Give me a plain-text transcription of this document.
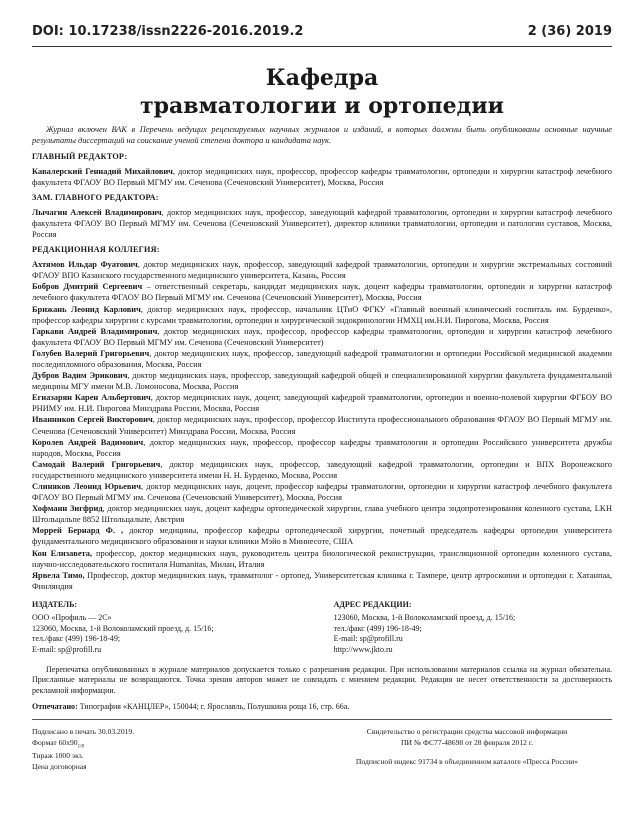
DOI: 10.17238/issn2226-2016.2019.2	2 (36) 2019
Кафедра
травматологии и ортопедии

Журнал включен ВАК в Перечень ведущих рецензируемых научных журналов и изданий, в которых должны быть опубликованы основные научные результаты диссертаций на соискание ученой степени доктора и кандидата наук.

ГЛАВНЫЙ РЕДАКТОР:

Кавалерский Геннадий Михайлович, доктор медицинских наук, профессор, профессор кафедры травматологии, ортопедии и хирургии катастроф лечебного факультета ФГАОУ ВО Первый МГМУ им. Сеченова (Сеченовский Университет), Москва, Россия

ЗАМ. ГЛАВНОГО РЕДАКТОРА:

Лычагин Алексей Владимирович, доктор медицинских наук, профессор, заведующий кафедрой травматологии, ортопедии и хирургии катастроф лечебного факультета ФГАОУ ВО Первый МГМУ им. Сеченова (Сеченовский Университет), директор клиники травматологии, ортопедии и патологии суставов, Москва, Россия

РЕДАКЦИОННАЯ КОЛЛЕГИЯ:

Ахтямов Ильдар Фуатович, доктор медицинских наук, профессор, заведующий кафедрой травматологии, ортопедии и хирургии экстремальных состояний ФГАОУ ВПО Казанского государственного медицинского университета, Казань, Россия

Бобров Дмитрий Сергеевич – ответственный секретарь, кандидат медицинских наук, доцент кафедры травматологии, ортопедии и хирургии катастроф лечебного факультета ФГАОУ ВО Первый МГМУ им. Сеченова (Сеченовский Университет), Москва, Россия

Брижань Леонид Карлович, доктор медицинских наук, профессор, начальник ЦТиО ФГКУ «Главный военный клинический госпиталь им. Бурденко», профессор кафедры хирургии с курсами травматологии, ортопедии и хирургической эндокринологии НМХЦ им.Н.И. Пирогова, Москва, Россия

Гаркави Андрей Владимирович, доктор медицинских наук, профессор, профессор кафедры травматологии, ортопедии и хирургии катастроф лечебного факультета ФГАОУ ВО Первый МГМУ им. Сеченова (Сеченовский Университет)

Голубев Валерий Григорьевич, доктор медицинских наук, профессор, заведующий кафедрой травматологии и ортопедии Российской медицинской академии последипломного образования, Москва, Россия

Дубров Вадим Эрикович, доктор медицинских наук, профессор, заведующий кафедрой общей и специализированной хирургии факультета фундаментальной медицины МГУ имени М.В. Ломоносова, Москва, Россия

Егиазарян Карен Альбертович, доктор медицинских наук, доцент, заведующий кафедрой травматологии, ортопедии и военно-полевой хирургии ФГБОУ ВО РНИМУ им. Н.И. Пирогова Минздрава России, Москва, Россия

Иванников Сергей Викторович, доктор медицинских наук, профессор, профессор Института профессионального образования ФГАОУ ВО Первый МГМУ им. Сеченова (Сеченовский Университет) Минздрава России, Москва, Россия

Королев Андрей Вадимович, доктор медицинских наук, профессор, профессор кафедры травматологии и ортопедии Российского университета дружбы народов, Москва, Россия

Самодай Валерий Григорьевич, доктор медицинских наук, профессор, заведующий кафедрой травматологии, ортопедии и ВПХ Воронежского государственного медицинского университета имени Н. Н. Бурденко, Москва, Россия

Слиняков Леонид Юрьевич, доктор медицинских наук, доцент, профессор кафедры травматологии, ортопедии и хирургии катастроф лечебного факультета ФГАОУ ВО Первый МГМУ им. Сеченова (Сеченовский Университет), Москва, Россия

Хофманн Зигфрид, доктор медицинских наук, доцент кафедры ортопедической хирургии, глава учебного центра эндопротезирования коленного сустава, LKH Штольцальпе 8852 Штольцальпе, Австрия

Моррей Бернард Ф. , доктор медицины, профессор кафедры ортопедической хирургии, почетный председатель кафедры ортопедии университета фундаментального медицинского образования и науки клиники Мэйо в Миннесоте, США

Кон Елизавета, профессор, доктор медицинских наук, руководитель центра биологической реконструкции, трансляционной ортопедии коленного сустава, научно-исследовательского госпиталя Humanitas, Милан, Италия

Ярвела Тимо, Профессор, доктор медицинских наук, травматолог - ортопед, Университетская клиника г. Тампере, центр артроскопии и ортопедии г. Хатанпаа, Финляндия

ИЗДАТЕЛЬ:
ООО «Профиль — 2С»
123060, Москва, 1-й Волоколамский проезд, д. 15/16;
тел./факс (499) 196-18-49;
E-mail: sp@profill.ru
АДРЕС РЕДАКЦИИ:
123060, Москва, 1-й Волоколамский проезд, д. 15/16;
тел./факс (499) 196-18-49;
E-mail: sp@profill.ru
http://www.jkto.ru

Перепечатка опубликованных в журнале материалов допускается только с разрешения редакции. При использовании материалов ссылка на журнал обязательна. Присланные материалы не возвращаются. Точка зрения авторов может не совпадать с мнением редакции. Редакция не несет ответственности за достоверность рекламной информации.

Отпечатано: Типография «КАНЦЛЕР», 150044; г. Ярославль, Полушкина роща 16, стр. 66а.
Подписано в печать 30.03.2019.
Формат $60х90_{1/8}$
Тираж 1000 экз.
Цена договорная
Свидетельство о регистрации средства массовой информации
ПИ № ФС77-48698 от 28 февраля 2012 г.
Подписной индекс 91734 в объединенном каталоге «Пресса России»
